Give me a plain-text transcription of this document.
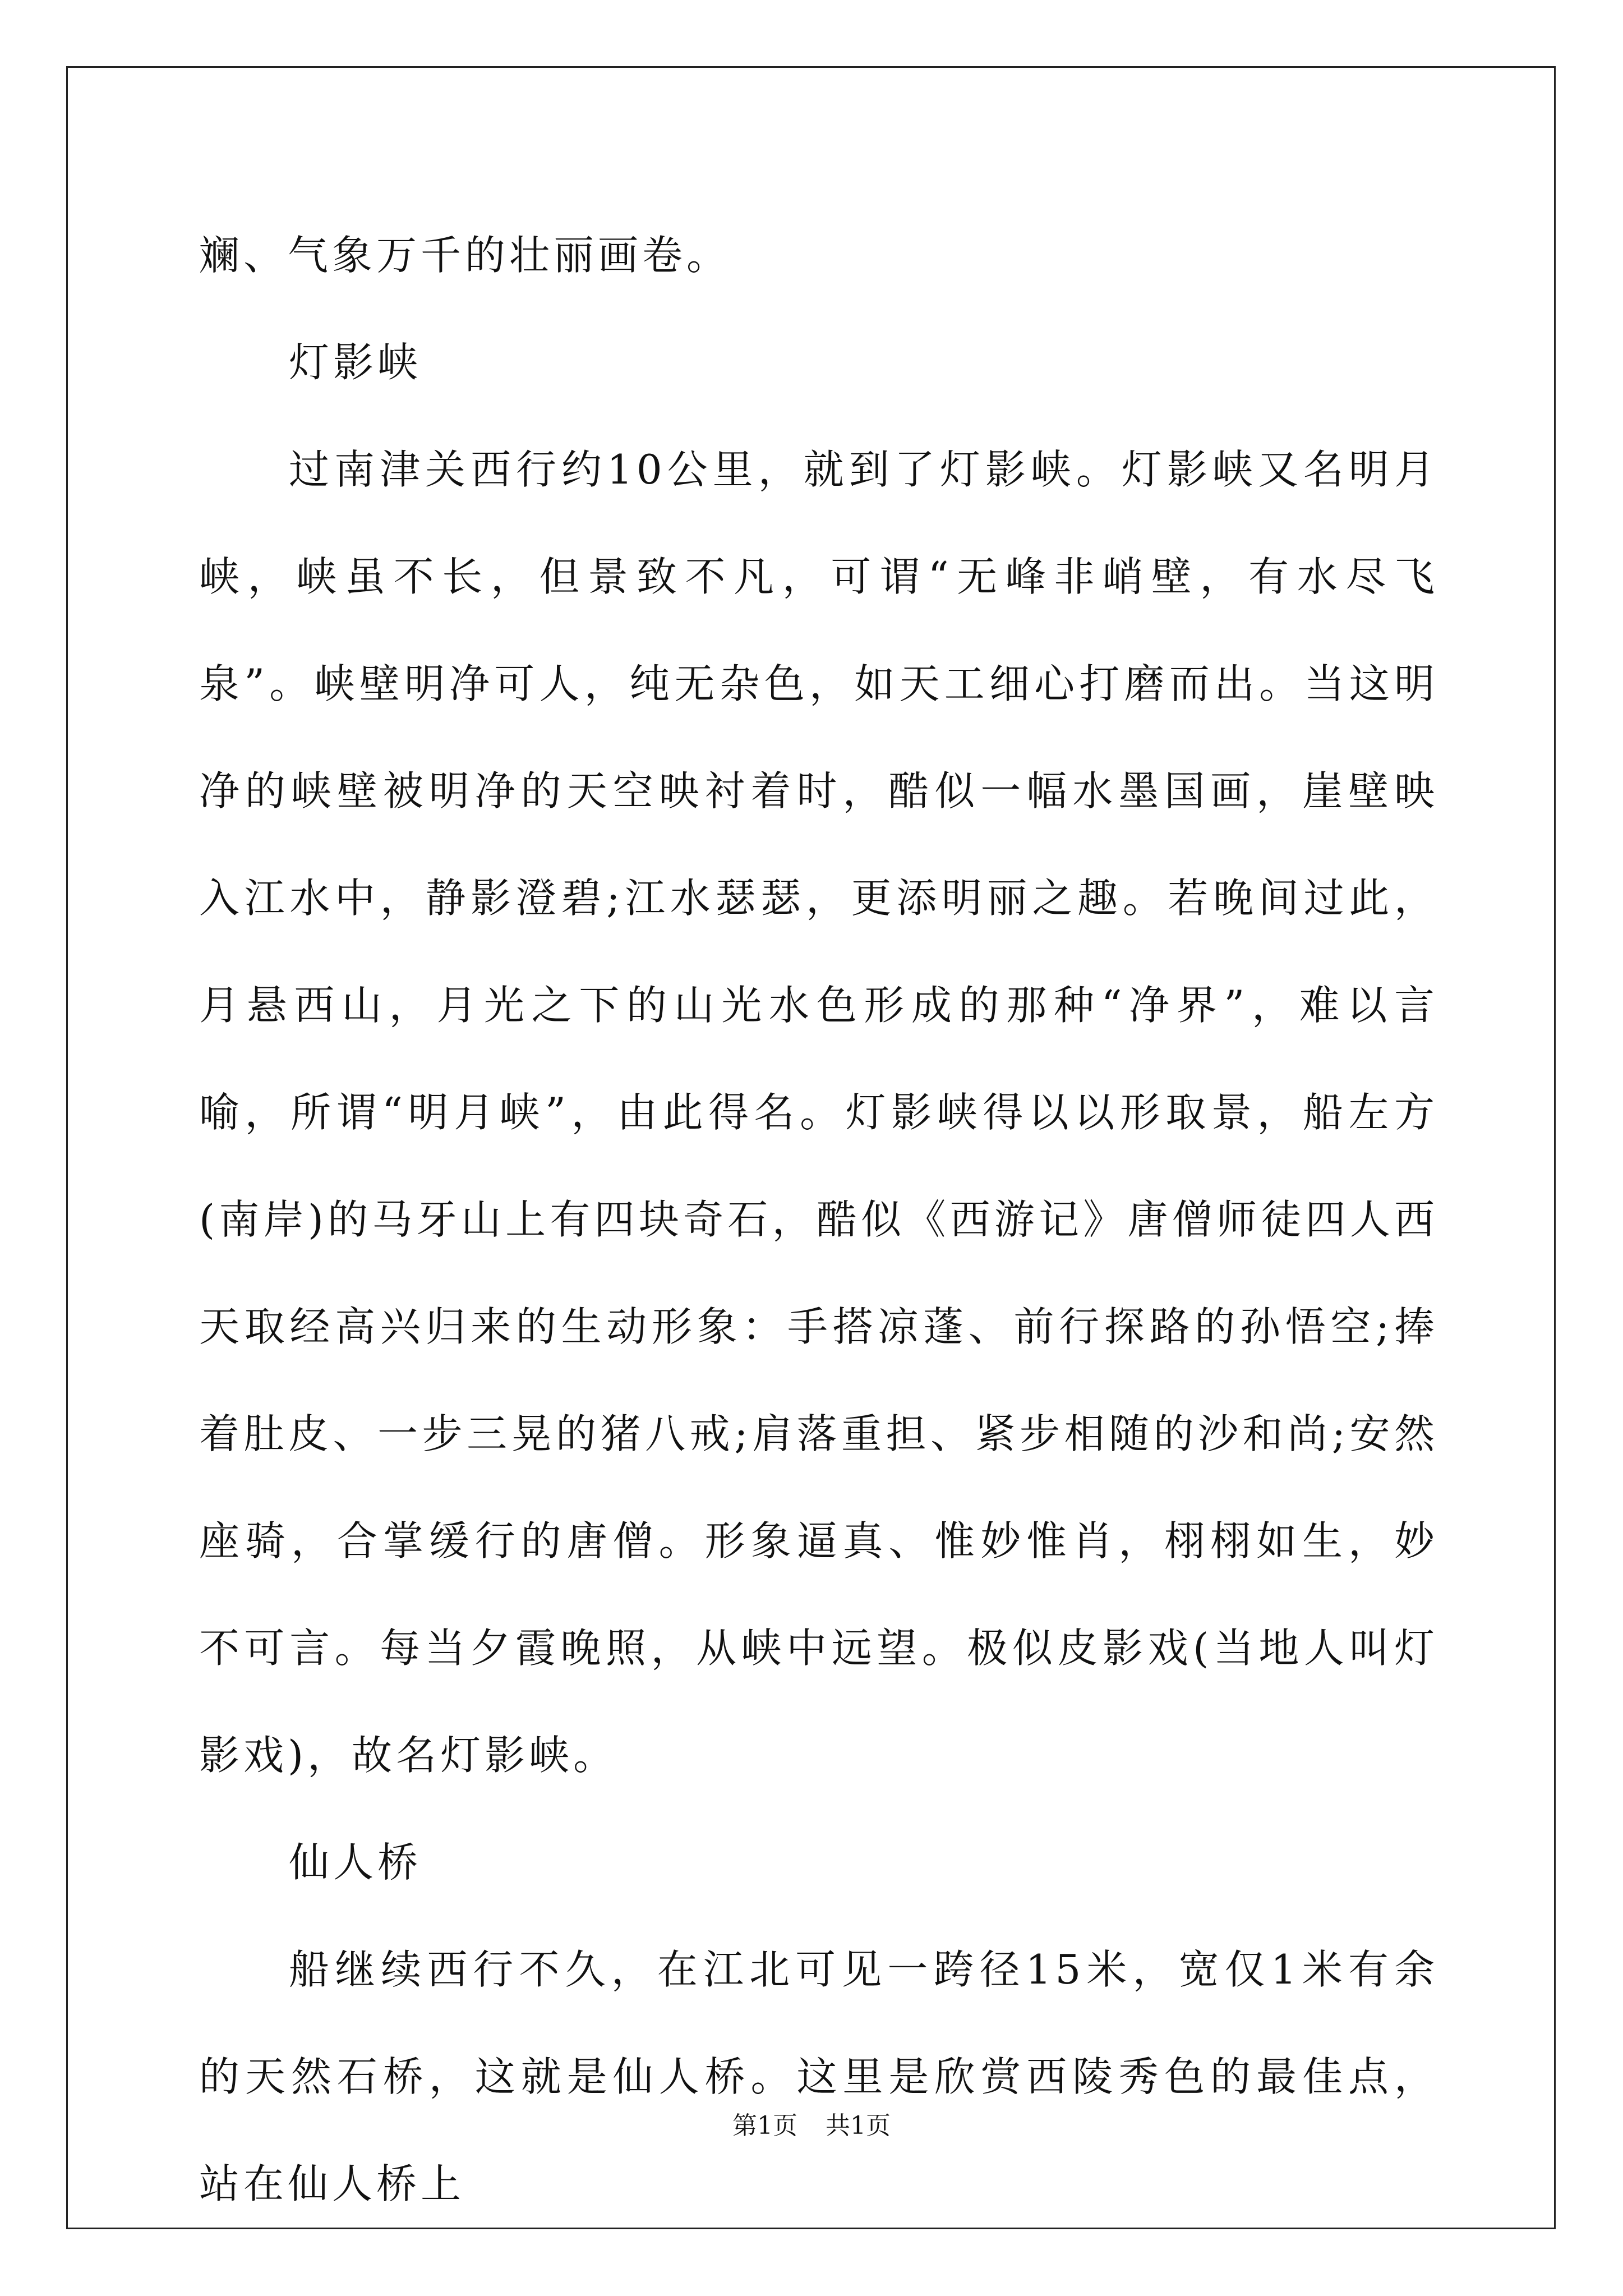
斓、气象万千的壮丽画卷。

灯影峡

过南津关西行约10公里，就到了灯影峡。灯影峡又名明月峡，峡虽不长，但景致不凡，可谓“无峰非峭壁，有水尽飞泉”。峡壁明净可人，纯无杂色，如天工细心打磨而出。当这明净的峡壁被明净的天空映衬着时，酷似一幅水墨国画，崖壁映入江水中，静影澄碧;江水瑟瑟，更添明丽之趣。若晚间过此，月悬西山，月光之下的山光水色形成的那种“净界”，难以言喻，所谓“明月峡”，由此得名。灯影峡得以以形取景，船左方(南岸)的马牙山上有四块奇石，酷似《西游记》唐僧师徒四人西天取经高兴归来的生动形象：手搭凉蓬、前行探路的孙悟空;捧着肚皮、一步三晃的猪八戒;肩落重担、紧步相随的沙和尚;安然座骑，合掌缓行的唐僧。形象逼真、惟妙惟肖，栩栩如生，妙不可言。每当夕霞晚照，从峡中远望。极似皮影戏(当地人叫灯影戏)，故名灯影峡。

仙人桥

船继续西行不久，在江北可见一跨径15米，宽仅1米有余的天然石桥，这就是仙人桥。这里是欣赏西陵秀色的最佳点，站在仙人桥上

第1页 共1页
